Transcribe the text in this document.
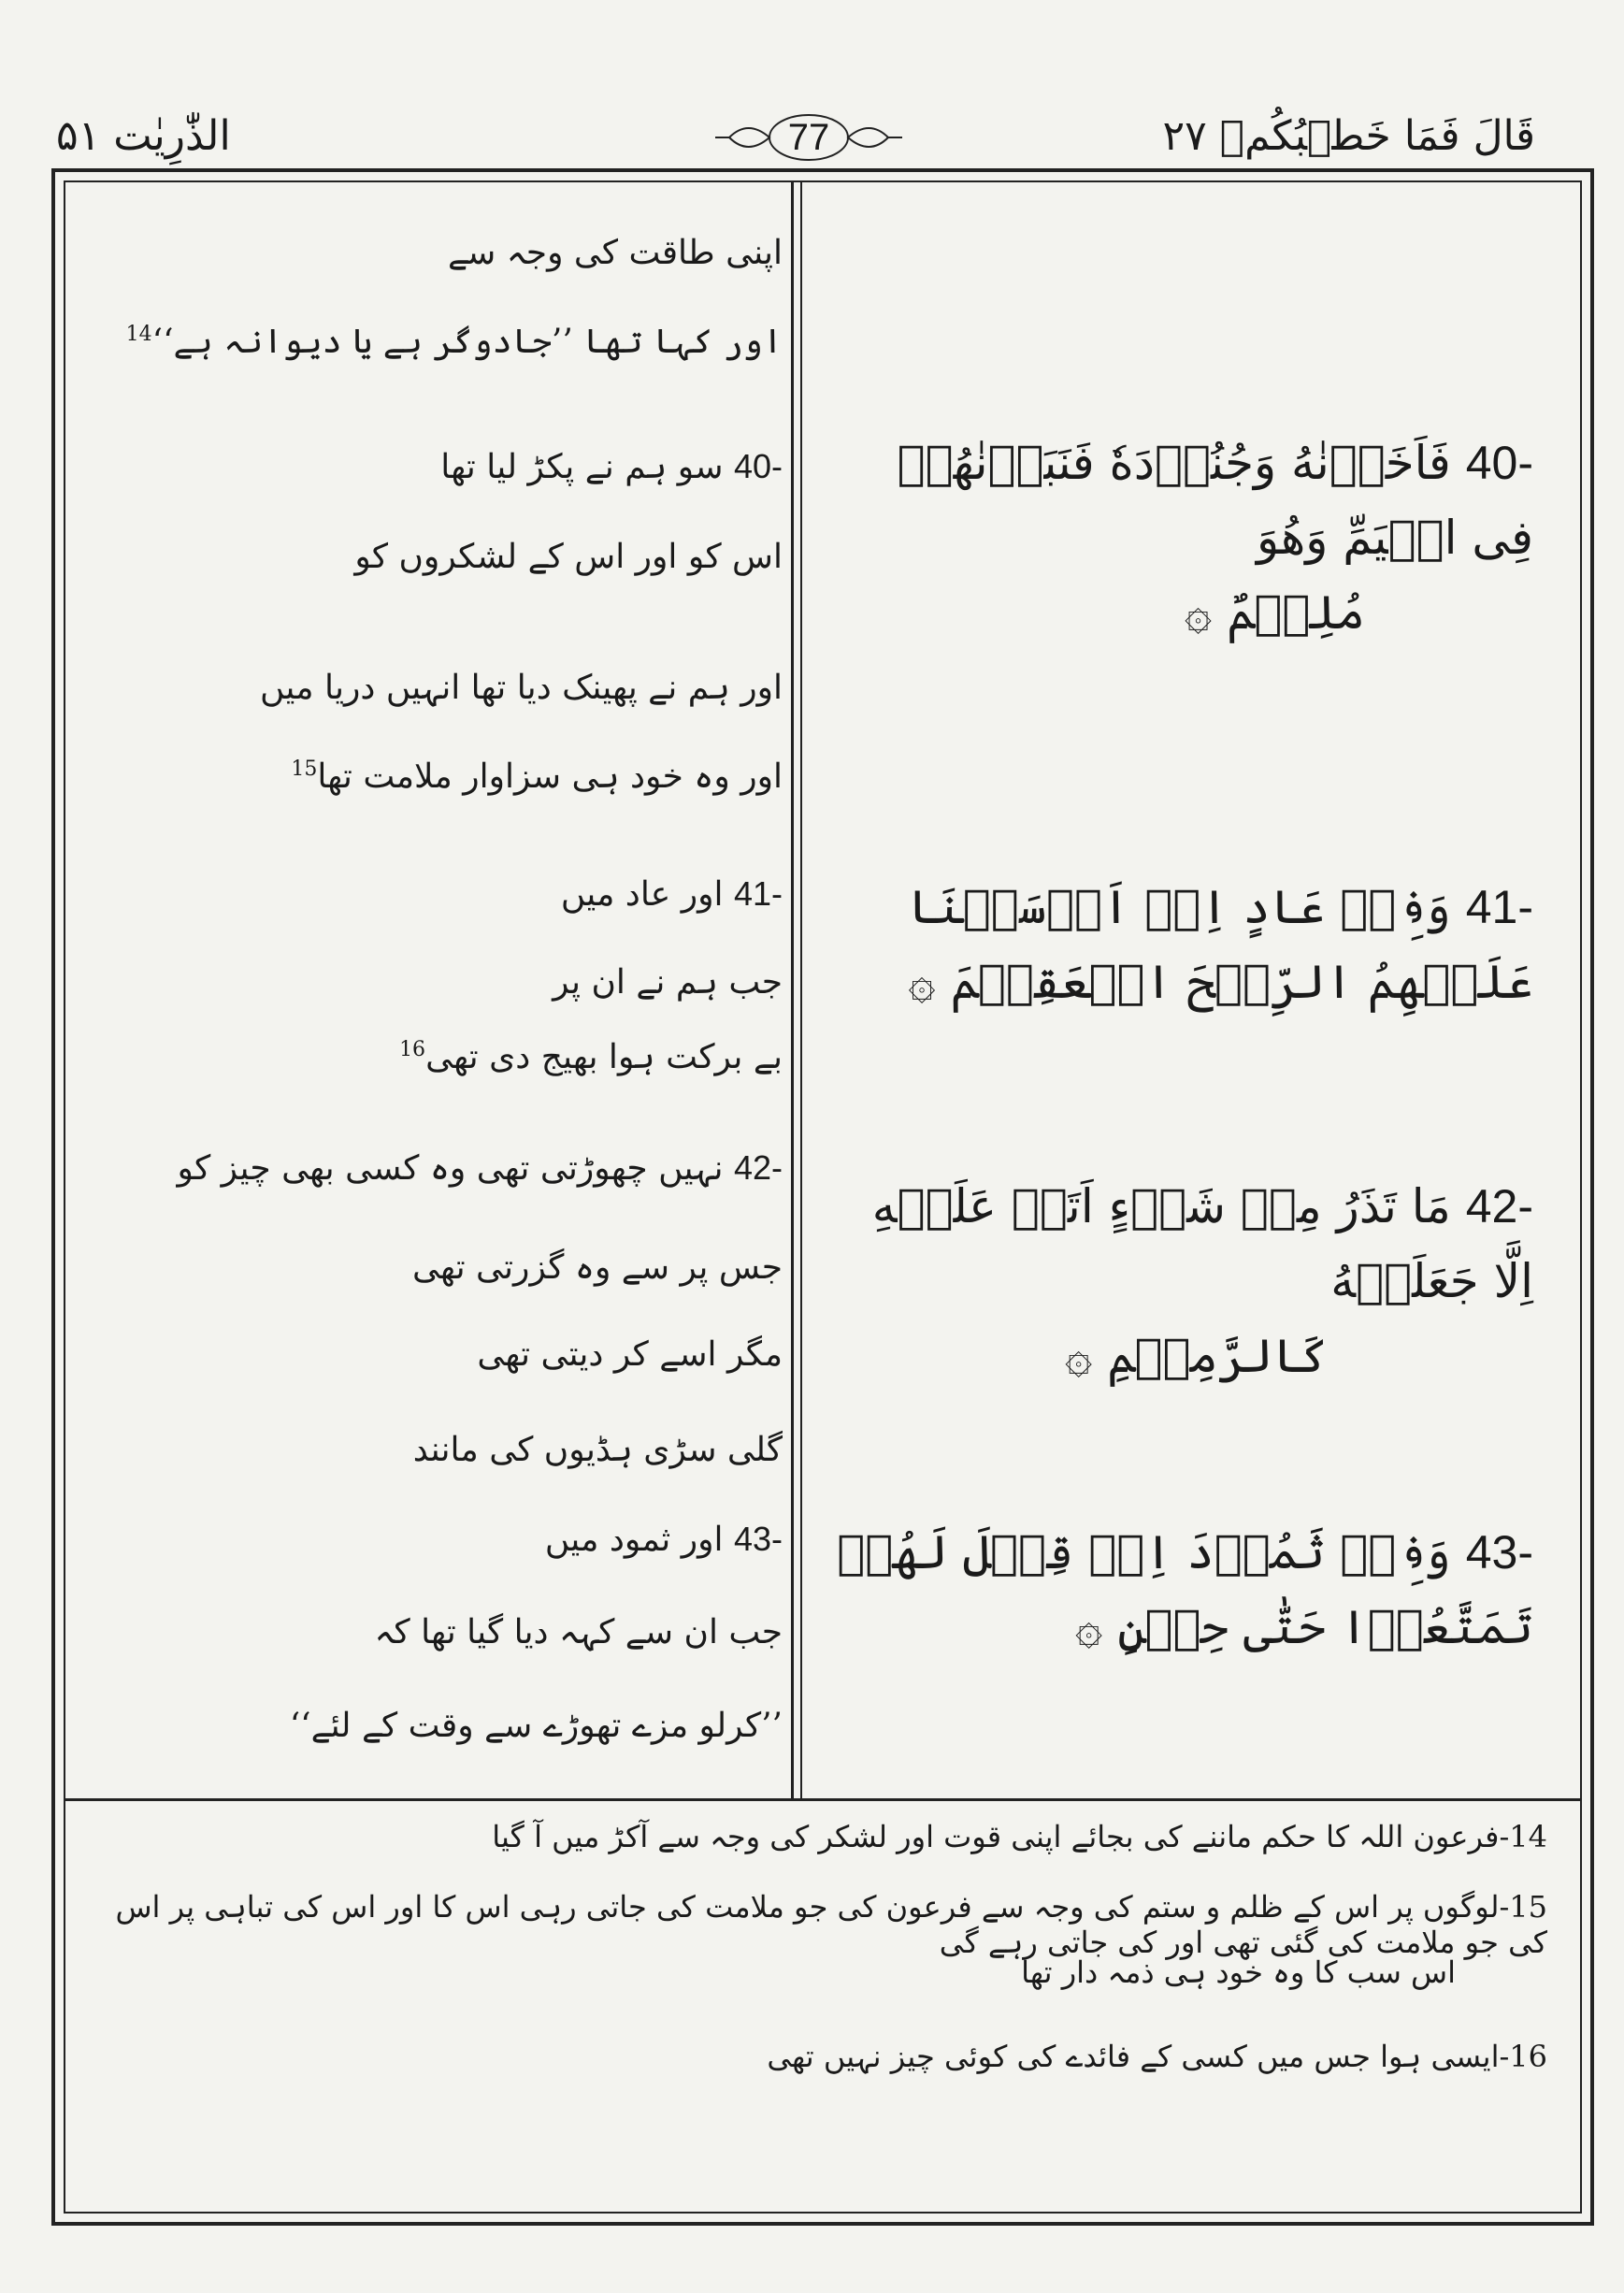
قَالَ فَمَا خَطۡبُكُمۡ ۲۷
الذّٰرِيٰت ۵۱	77
اپنی طاقت کی وجہ سے
اور کہا تھا ’’جادوگر ہے یا دیوانہ ہے‘‘$^{14}$
40- سو ہم نے پکڑ لیا تھا
اس کو اور اس کے لشکروں کو
اور ہم نے پھینک دیا تھا انہیں دریا میں
اور وہ خود ہی سزاوار ملامت تھا$^{15}$
41- اور عاد میں
جب ہم نے ان پر
بے برکت ہوا بھیج دی تھی$^{16}$
42- نہیں چھوڑتی تھی وہ کسی بھی چیز کو
جس پر سے وہ گزرتی تھی
مگر اسے کر دیتی تھی
گلی سڑی ہڈیوں کی مانند
43- اور ثمود میں
جب ان سے کہہ دیا گیا تھا کہ
’’کرلو مزے تھوڑے سے وقت کے لئے‘‘
40- فَاَخَذۡنٰهُ وَجُنُوۡدَهٗ فَنَبَذۡنٰهُمۡ فِى الۡيَمِّ وَهُوَ
مُلِيۡمٌ ۞
41- وَفِىۡ عَادٍ اِذۡ اَرۡسَلۡنَا عَلَيۡهِمُ الرِّيۡحَ الۡعَقِيۡمَ ۞
42- مَا تَذَرُ مِنۡ شَىۡءٍ اَتَتۡ عَلَيۡهِ اِلَّا جَعَلَتۡهُ
كَالرَّمِيۡمِ ۞
43- وَفِىۡ ثَمُوۡدَ اِذۡ قِيۡلَ لَهُمۡ تَمَتَّعُوۡا حَتّٰى حِيۡنٍ ۞
14-فرعون اللہ کا حکم ماننے کی بجائے اپنی قوت اور لشکر کی وجہ سے آکڑ میں آ گیا
15-لوگوں پر اس کے ظلم و ستم کی وجہ سے فرعون کی جو ملامت کی جاتی رہی اس کا اور اس کی تباہی پر اس کی جو ملامت کی گئی تھی اور کی جاتی رہے گی
اس سب کا وہ خود ہی ذمہ دار تھا
16-ایسی ہوا جس میں کسی کے فائدے کی کوئی چیز نہیں تھی
